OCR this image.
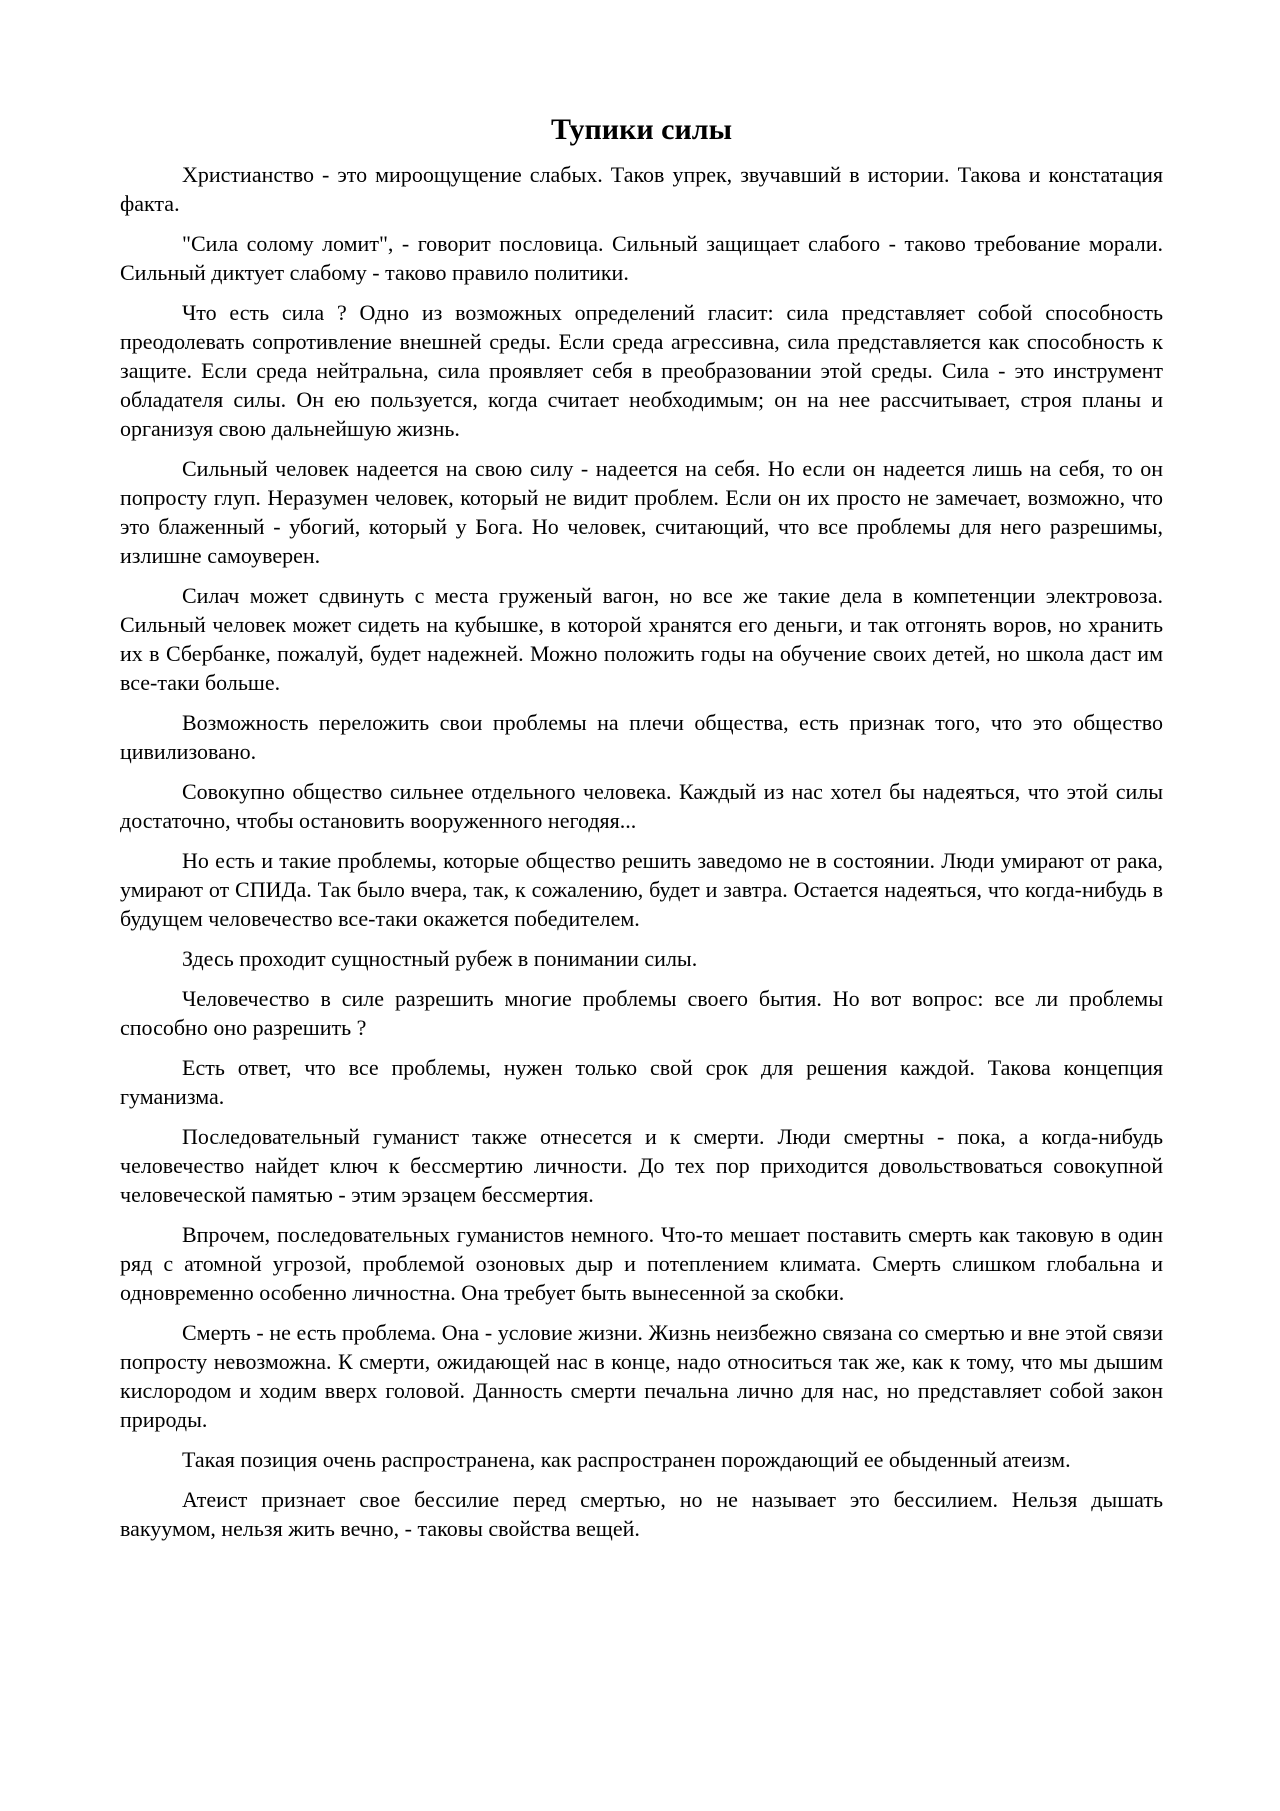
Тупики силы

Христианство - это мироощущение слабых. Таков упрек, звучавший в истории. Такова и констатация факта.

"Сила солому ломит", - говорит пословица. Сильный защищает слабого - таково требование морали. Сильный диктует слабому - таково правило политики.

Что есть сила ? Одно из возможных определений гласит: сила представляет собой способность преодолевать сопротивление внешней среды. Если среда агрессивна, сила представляется как способность к защите. Если среда нейтральна, сила проявляет себя в преобразовании этой среды. Сила - это инструмент обладателя силы. Он ею пользуется, когда считает необходимым; он на нее рассчитывает, строя планы и организуя свою дальнейшую жизнь.

Сильный человек надеется на свою силу - надеется на себя. Но если он надеется лишь на себя, то он попросту глуп. Неразумен человек, который не видит проблем. Если он их просто не замечает, возможно, что это блаженный - убогий, который у Бога. Но человек, считающий, что все проблемы для него разрешимы, излишне самоуверен.

Силач может сдвинуть с места груженый вагон, но все же такие дела в компетенции электровоза. Сильный человек может сидеть на кубышке, в которой хранятся его деньги, и так отгонять воров, но хранить их в Сбербанке, пожалуй, будет надежней. Можно положить годы на обучение своих детей, но школа даст им все-таки больше.

Возможность переложить свои проблемы на плечи общества, есть признак того, что это общество цивилизовано.

Совокупно общество сильнее отдельного человека. Каждый из нас хотел бы надеяться, что этой силы достаточно, чтобы остановить вооруженного негодяя...

Но есть и такие проблемы, которые общество решить заведомо не в состоянии. Люди умирают от рака, умирают от СПИДа. Так было вчера, так, к сожалению, будет и завтра. Остается надеяться, что когда-нибудь в будущем человечество все-таки окажется победителем.

Здесь проходит сущностный рубеж в понимании силы.

Человечество в силе разрешить многие проблемы своего бытия. Но вот вопрос: все ли проблемы способно оно разрешить ?

Есть ответ, что все проблемы, нужен только свой срок для решения каждой. Такова концепция гуманизма.

Последовательный гуманист также отнесется и к смерти. Люди смертны - пока, а когда-нибудь человечество найдет ключ к бессмертию личности. До тех пор приходится довольствоваться совокупной человеческой памятью - этим эрзацем бессмертия.

Впрочем, последовательных гуманистов немного. Что-то мешает поставить смерть как таковую в один ряд с атомной угрозой, проблемой озоновых дыр и потеплением климата. Смерть слишком глобальна и одновременно особенно личностна. Она требует быть вынесенной за скобки.

Смерть - не есть проблема. Она - условие жизни. Жизнь неизбежно связана со смертью и вне этой связи попросту невозможна. К смерти, ожидающей нас в конце, надо относиться так же, как к тому, что мы дышим кислородом и ходим вверх головой. Данность смерти печальна лично для нас, но представляет собой закон природы.

Такая позиция очень распространена, как распространен порождающий ее обыденный атеизм.

Атеист признает свое бессилие перед смертью, но не называет это бессилием. Нельзя дышать вакуумом, нельзя жить вечно, - таковы свойства вещей.
